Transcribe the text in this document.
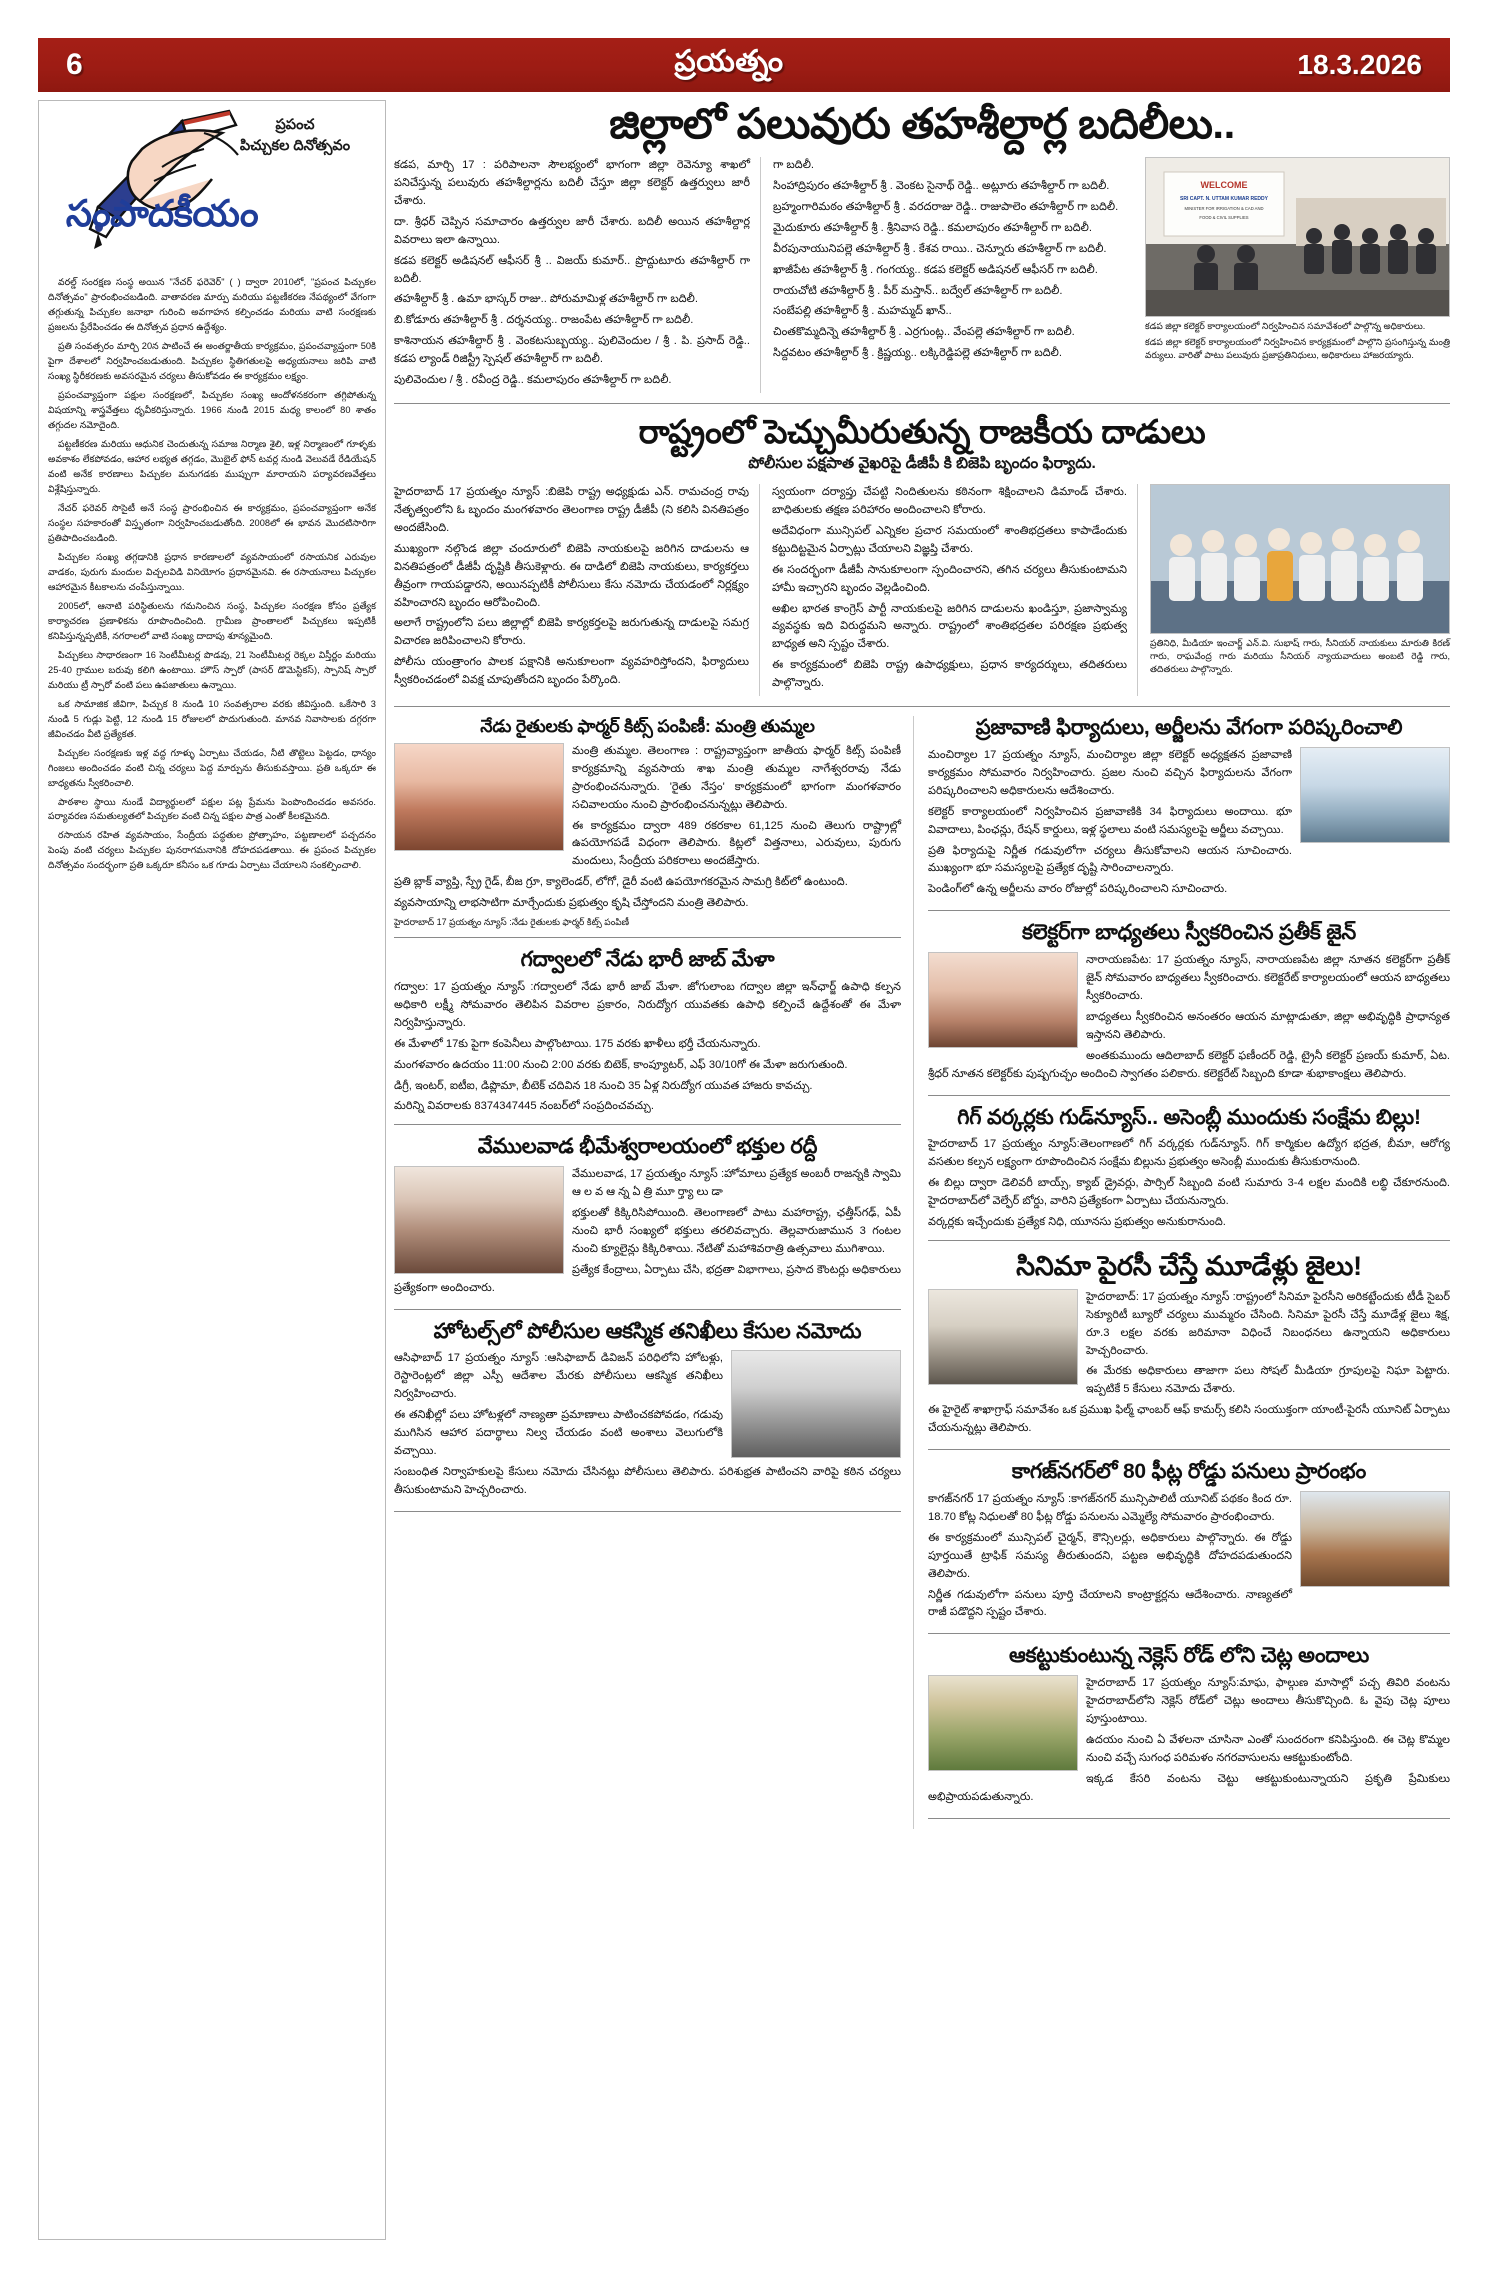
6	ప్రయత్నం	18.3.2026
ప్రపంచ
పిచ్చుకల దినోత్సవం
సంపాదకీయం

వరల్డ్ సంరక్షణ సంస్థ అయిన "నేచర్ ఫరెవెర్" ( ) ద్వారా 2010లో, "ప్రపంచ పిచ్చుకల దినోత్సవం" ప్రారంభించబడింది. వాతావరణ మార్పు మరియు పట్టణీకరణ నేపథ్యంలో వేగంగా తగ్గుతున్న పిచ్చుకల జనాభా గురించి అవగాహన కల్పించడం మరియు వాటి సంరక్షణకు ప్రజలను ప్రేరేపించడం ఈ దినోత్సవ ప్రధాన ఉద్దేశ్యం.

ప్రతి సంవత్సరం మార్చి 20న పాటించే ఈ అంతర్జాతీయ కార్యక్రమం, ప్రపంచవ్యాప్తంగా 50కి పైగా దేశాలలో నిర్వహించబడుతుంది. పిచ్చుకల స్థితిగతులపై అధ్యయనాలు జరిపి వాటి సంఖ్య స్థిరీకరణకు అవసరమైన చర్యలు తీసుకోవడం ఈ కార్యక్రమం లక్ష్యం.

ప్రపంచవ్యాప్తంగా పక్షుల సంరక్షణలో, పిచ్చుకల సంఖ్య ఆందోళనకరంగా తగ్గిపోతున్న విషయాన్ని శాస్త్రవేత్తలు ధృవీకరిస్తున్నారు. 1966 నుండి 2015 మధ్య కాలంలో 80 శాతం తగ్గుదల నమోదైంది.

పట్టణీకరణ మరియు ఆధునిక చెందుతున్న సమాజ నిర్మాణ శైలి, ఇళ్ల నిర్మాణంలో గూళ్ళకు అవకాశం లేకపోవడం, ఆహార లభ్యత తగ్గడం, మొబైల్ ఫోన్ టవర్ల నుండి వెలువడే రేడియేషన్ వంటి అనేక కారణాలు పిచ్చుకల మనుగడకు ముప్పుగా మారాయని పర్యావరణవేత్తలు విశ్లేషిస్తున్నారు.

నేచర్ ఫరెవర్ సొసైటీ అనే సంస్థ ప్రారంభించిన ఈ కార్యక్రమం, ప్రపంచవ్యాప్తంగా అనేక సంస్థల సహకారంతో విస్తృతంగా నిర్వహించబడుతోంది. 2008లో ఈ భావన మొదటిసారిగా ప్రతిపాదించబడింది.

పిచ్చుకల సంఖ్య తగ్గడానికి ప్రధాన కారణాలలో వ్యవసాయంలో రసాయనిక ఎరువుల వాడకం, పురుగు మందుల విచ్చలవిడి వినియోగం ప్రధానమైనవి. ఈ రసాయనాలు పిచ్చుకల ఆహారమైన కీటకాలను చంపేస్తున్నాయి.

2005లో, ఆనాటి పరిస్థితులను గమనించిన సంస్థ, పిచ్చుకల సంరక్షణ కోసం ప్రత్యేక కార్యాచరణ ప్రణాళికను రూపొందించింది. గ్రామీణ ప్రాంతాలలో పిచ్చుకలు ఇప్పటికీ కనిపిస్తున్నప్పటికీ, నగరాలలో వాటి సంఖ్య దాదాపు శూన్యమైంది.

పిచ్చుకలు సాధారణంగా 16 సెంటీమీటర్ల పొడవు, 21 సెంటీమీటర్ల రెక్కల విస్తీర్ణం మరియు 25-40 గ్రాముల బరువు కలిగి ఉంటాయి. హౌస్ స్పారో (పాసర్ డొమెస్టికస్), స్పానిష్ స్పారో మరియు ట్రీ స్పారో వంటి పలు ఉపజాతులు ఉన్నాయి.

ఒక సామాజిక జీవిగా, పిచ్చుక 8 నుండి 10 సంవత్సరాల వరకు జీవిస్తుంది. ఒకేసారి 3 నుండి 5 గుడ్లు పెట్టి, 12 నుండి 15 రోజులలో పొదుగుతుంది. మానవ నివాసాలకు దగ్గరగా జీవించడం వీటి ప్రత్యేకత.

పిచ్చుకల సంరక్షణకు ఇళ్ల వద్ద గూళ్ళు ఏర్పాటు చేయడం, నీటి తొట్టెలు పెట్టడం, ధాన్యం గింజలు అందించడం వంటి చిన్న చర్యలు పెద్ద మార్పును తీసుకువస్తాయి. ప్రతి ఒక్కరూ ఈ బాధ్యతను స్వీకరించాలి.

పాఠశాల స్థాయి నుండే విద్యార్థులలో పక్షుల పట్ల ప్రేమను పెంపొందించడం అవసరం. పర్యావరణ సమతుల్యతలో పిచ్చుకల వంటి చిన్న పక్షుల పాత్ర ఎంతో కీలకమైనది.

రసాయన రహిత వ్యవసాయం, సేంద్రీయ పద్ధతుల ప్రోత్సాహం, పట్టణాలలో పచ్చదనం పెంపు వంటి చర్యలు పిచ్చుకల పునరాగమనానికి దోహదపడతాయి. ఈ ప్రపంచ పిచ్చుకల దినోత్సవం సందర్భంగా ప్రతి ఒక్కరూ కనీసం ఒక గూడు ఏర్పాటు చేయాలని సంకల్పించాలి.

జిల్లాలో పలువురు తహశీల్దార్ల బదిలీలు..

కడప, మార్చి 17 : పరిపాలనా సౌలభ్యంలో భాగంగా జిల్లా రెవెన్యూ శాఖలో పనిచేస్తున్న పలువురు తహశీల్దార్లను బదిలీ చేస్తూ జిల్లా కలెక్టర్ ఉత్తర్వులు జారీ చేశారు.

దా. శ్రీధర్ చెప్పిన సమాచారం ఉత్తర్వుల జారీ చేశారు. బదిలీ అయిన తహశీల్దార్ల వివరాలు ఇలా ఉన్నాయి.

కడప కలెక్టర్ అడిషనల్ ఆఫీసర్ శ్రీ .. విజయ్ కుమార్.. ప్రొద్దుటూరు తహశీల్దార్ గా బదిలీ.

తహశీల్దార్ శ్రీ . ఉమా భాస్కర్ రాజు.. పోరుమామిళ్ల తహశీల్దార్ గా బదిలీ.

బి.కోడూరు తహశీల్దార్ శ్రీ . దర్శనయ్య.. రాజంపేట తహశీల్దార్ గా బదిలీ.

కాశినాయన తహశీల్దార్ శ్రీ . వెంకటసుబ్బయ్య.. పులివెందుల / శ్రీ . పి. ప్రసాద్ రెడ్డి.. కడప ల్యాండ్ రిజిస్ట్రీ స్పెషల్ తహశీల్దార్ గా బదిలీ.

పులివెందుల / శ్రీ . రవీంద్ర రెడ్డి.. కమలాపురం తహశీల్దార్ గా బదిలీ.

గా బదిలీ.

సింహాద్రిపురం తహశీల్దార్ శ్రీ . వెంకట సైనాథ్ రెడ్డి.. అట్లూరు తహశీల్దార్ గా బదిలీ.

బ్రహ్మంగారిమఠం తహశీల్దార్ శ్రీ . వరదరాజు రెడ్డి.. రాజుపాలెం తహశీల్దార్ గా బదిలీ.

మైదుకూరు తహశీల్దార్ శ్రీ . శ్రీనివాస రెడ్డి.. కమలాపురం తహశీల్దార్ గా బదిలీ.

వీరపునాయునిపల్లె తహశీల్దార్ శ్రీ . కేశవ రాయి.. చెన్నూరు తహశీల్దార్ గా బదిలీ.

ఖాజీపేట తహశీల్దార్ శ్రీ . గంగయ్య.. కడప కలెక్టర్ అడిషనల్ ఆఫీసర్ గా బదిలీ.

రాయచోటి తహశీల్దార్ శ్రీ . పీర్ మస్తాన్.. బద్వేల్ తహశీల్దార్ గా బదిలీ.

సంబేపల్లి తహశీల్దార్ శ్రీ . మహమ్మద్ ఖాన్..

చింతకొమ్మదిన్నె తహశీల్దార్ శ్రీ . ఎర్రగుంట్ల.. వేంపల్లె తహశీల్దార్ గా బదిలీ.

సిద్దవటం తహశీల్దార్ శ్రీ . క్రిష్ణయ్య.. లక్కిరెడ్డిపల్లె తహశీల్దార్ గా బదిలీ.

WELCOME
SRI CAPT. N. UTTAM KUMAR REDDY
MINISTER FOR IRRIGATION & CAD AND
FOOD & CIVIL SUPPLIES
కడప జిల్లా కలెక్టర్ కార్యాలయంలో నిర్వహించిన సమావేశంలో పాల్గొన్న అధికారులు.
కడప జిల్లా కలెక్టర్ కార్యాలయంలో నిర్వహించిన కార్యక్రమంలో పాల్గొని ప్రసంగిస్తున్న మంత్రి వర్యులు. వారితో పాటు పలువురు ప్రజాప్రతినిధులు, అధికారులు హాజరయ్యారు.
రాష్ట్రంలో పెచ్చుమీరుతున్న రాజకీయ దాడులు
పోలీసుల పక్షపాత వైఖరిపై డీజీపీ కి బిజెపి బృందం ఫిర్యాదు.

హైదరాబాద్ 17 ప్రయత్నం న్యూస్ :బిజెపి రాష్ట్ర అధ్యక్షుడు ఎన్. రామచంద్ర రావు నేతృత్వంలోని ఓ బృందం మంగళవారం తెలంగాణ రాష్ట్ర డీజీపీ (ని కలిసి వినతిపత్రం అందజేసింది.

ముఖ్యంగా నల్గొండ జిల్లా చందూరులో బిజెపి నాయకులపై జరిగిన దాడులను ఆ వినతిపత్రంలో డీజీపీ దృష్టికి తీసుకెళ్లారు. ఈ దాడిలో బిజెపి నాయకులు, కార్యకర్తలు తీవ్రంగా గాయపడ్డారని, అయినప్పటికీ పోలీసులు కేసు నమోదు చేయడంలో నిర్లక్ష్యం వహించారని బృందం ఆరోపించింది.

అలాగే రాష్ట్రంలోని పలు జిల్లాల్లో బిజెపి కార్యకర్తలపై జరుగుతున్న దాడులపై సమగ్ర విచారణ జరిపించాలని కోరారు.

పోలీసు యంత్రాంగం పాలక పక్షానికి అనుకూలంగా వ్యవహరిస్తోందని, ఫిర్యాదులు స్వీకరించడంలో వివక్ష చూపుతోందని బృందం పేర్కొంది.

స్వయంగా దర్యాప్తు చేపట్టి నిందితులను కఠినంగా శిక్షించాలని డిమాండ్ చేశారు. బాధితులకు తక్షణ పరిహారం అందించాలని కోరారు.

అదేవిధంగా మున్సిపల్ ఎన్నికల ప్రచార సమయంలో శాంతిభద్రతలు కాపాడేందుకు కట్టుదిట్టమైన ఏర్పాట్లు చేయాలని విజ్ఞప్తి చేశారు.

ఈ సందర్భంగా డీజీపీ సానుకూలంగా స్పందించారని, తగిన చర్యలు తీసుకుంటామని హామీ ఇచ్చారని బృందం వెల్లడించింది.

అఖిల భారత కాంగ్రెస్ పార్టీ నాయకులపై జరిగిన దాడులను ఖండిస్తూ, ప్రజాస్వామ్య వ్యవస్థకు ఇది విరుద్ధమని అన్నారు. రాష్ట్రంలో శాంతిభద్రతల పరిరక్షణ ప్రభుత్వ బాధ్యత అని స్పష్టం చేశారు.

ఈ కార్యక్రమంలో బిజెపి రాష్ట్ర ఉపాధ్యక్షులు, ప్రధాన కార్యదర్శులు, తదితరులు పాల్గొన్నారు.

ప్రతినిధి, మీడియా ఇంచార్జ్ ఎన్.వి. సుభాష్ గారు, సీనియర్ నాయకులు మారుతి కిరణ్ గారు, రాఘవేంద్ర గారు మరియు సీనియర్ న్యాయవాదులు అంబటి రెడ్డి గారు, తదితరులు పాల్గొన్నారు.
నేడు రైతులకు ఫార్మర్ కిట్స్ పంపిణీ: మంత్రి తుమ్మల

మంత్రి తుమ్మల. తెలంగాణ : రాష్ట్రవ్యాప్తంగా జాతీయ ఫార్మర్ కిట్స్ పంపిణీ కార్యక్రమాన్ని వ్యవసాయ శాఖ మంత్రి తుమ్మల నాగేశ్వరరావు నేడు ప్రారంభించనున్నారు. 'రైతు నేస్తం' కార్యక్రమంలో భాగంగా మంగళవారం సచివాలయం నుంచి ప్రారంభించనున్నట్లు తెలిపారు.

ఈ కార్యక్రమం ద్వారా 489 రకరకాల 61,125 నుంచి తెలుగు రాష్ట్రాల్లో ఉపయోగపడే విధంగా తెలిపారు. కిట్లలో విత్తనాలు, ఎరువులు, పురుగు మందులు, సేంద్రీయ పరికరాలు అందజేస్తారు.

ప్రతి బ్లాక్ వ్యాప్తి, స్ప్రే గైడ్, బీజ గ్రూ, క్యాలెండర్, లోగో, డైరీ వంటి ఉపయోగకరమైన సామగ్రి కిట్‌లో ఉంటుంది.

వ్యవసాయాన్ని లాభసాటిగా మార్చేందుకు ప్రభుత్వం కృషి చేస్తోందని మంత్రి తెలిపారు.

హైదరాబాద్ 17 ప్రయత్నం న్యూస్ :నేడు రైతులకు ఫార్మర్ కిట్స్ పంపిణీ
గద్వాలలో నేడు భారీ జాబ్ మేళా

గద్వాల: 17 ప్రయత్నం న్యూస్ :గద్వాలలో నేడు భారీ జాబ్ మేళా. జోగులాంబ గద్వాల జిల్లా ఇన్‌ఛార్జ్ ఉపాధి కల్పన అధికారి లక్ష్మీ సోమవారం తెలిపిన వివరాల ప్రకారం, నిరుద్యోగ యువతకు ఉపాధి కల్పించే ఉద్దేశంతో ఈ మేళా నిర్వహిస్తున్నారు.

ఈ మేళాలో 17కు పైగా కంపెనీలు పాల్గొంటాయి. 175 వరకు ఖాళీలు భర్తీ చేయనున్నారు.

మంగళవారం ఉదయం 11:00 నుంచి 2:00 వరకు బిటెక్, కాంప్యూటర్, ఎఫ్ 30/10గో ఈ మేళా జరుగుతుంది.

డిగ్రీ, ఇంటర్, ఐటీఐ, డిప్లొమా, బీటెక్ చదివిన 18 నుంచి 35 ఏళ్ల నిరుద్యోగ యువత హాజరు కావచ్చు.

మరిన్ని వివరాలకు 8374347445 నంబర్‌లో సంప్రదించవచ్చు.

వేములవాడ భీమేశ్వరాలయంలో భక్తుల రద్దీ

వేములవాడ, 17 ప్రయత్నం న్యూస్ :హోమాలు ప్రత్యేక అంబరీ రాజన్నకి స్వామి ఆ ల వ ఆ న్న ఏ త్రి మూ ర్త్యా లు డా

భక్తులతో కిక్కిరిసిపోయింది. తెలంగాణలో పాటు మహారాష్ట్ర, ఛత్తీస్‌గఢ్, ఏపీ నుంచి భారీ సంఖ్యలో భక్తులు తరలివచ్చారు. తెల్లవారుజామున 3 గంటల నుంచి క్యూలైన్లు కిక్కిరిశాయి. నేటితో మహాశివరాత్రి ఉత్సవాలు ముగిశాయి.

ప్రత్యేక కేంద్రాలు, ఏర్పాటు చేసి, భద్రతా విభాగాలు, ప్రసాద కౌంటర్లు అధికారులు ప్రత్యేకంగా అందించారు.

హోటల్స్‌లో పోలీసుల ఆకస్మిక తనిఖీలు కేసుల నమోదు

ఆసిఫాబాద్ 17 ప్రయత్నం న్యూస్ :ఆసిఫాబాద్ డివిజన్ పరిధిలోని హోటళ్లు, రెస్టారెంట్లలో జిల్లా ఎస్పీ ఆదేశాల మేరకు పోలీసులు ఆకస్మిక తనిఖీలు నిర్వహించారు.

ఈ తనిఖీల్లో పలు హోటళ్లలో నాణ్యతా ప్రమాణాలు పాటించకపోవడం, గడువు ముగిసిన ఆహార పదార్థాలు నిల్వ చేయడం వంటి అంశాలు వెలుగులోకి వచ్చాయి.

సంబంధిత నిర్వాహకులపై కేసులు నమోదు చేసినట్లు పోలీసులు తెలిపారు. పరిశుభ్రత పాటించని వారిపై కఠిన చర్యలు తీసుకుంటామని హెచ్చరించారు.

ప్రజావాణి ఫిర్యాదులు, అర్జీలను వేగంగా పరిష్కరించాలి

మంచిర్యాల 17 ప్రయత్నం న్యూస్, మంచిర్యాల జిల్లా కలెక్టర్ అధ్యక్షతన ప్రజావాణి కార్యక్రమం సోమవారం నిర్వహించారు. ప్రజల నుంచి వచ్చిన ఫిర్యాదులను వేగంగా పరిష్కరించాలని అధికారులను ఆదేశించారు.

కలెక్టర్ కార్యాలయంలో నిర్వహించిన ప్రజావాణికి 34 ఫిర్యాదులు అందాయి. భూ వివాదాలు, పింఛన్లు, రేషన్ కార్డులు, ఇళ్ల స్థలాలు వంటి సమస్యలపై అర్జీలు వచ్చాయి.

ప్రతి ఫిర్యాదుపై నిర్ణీత గడువులోగా చర్యలు తీసుకోవాలని ఆయన సూచించారు. ముఖ్యంగా భూ సమస్యలపై ప్రత్యేక దృష్టి సారించాలన్నారు.

పెండింగ్‌లో ఉన్న అర్జీలను వారం రోజుల్లో పరిష్కరించాలని సూచించారు.

కలెక్టర్‌గా బాధ్యతలు స్వీకరించిన ప్రతీక్ జైన్

నారాయణపేట: 17 ప్రయత్నం న్యూస్, నారాయణపేట జిల్లా నూతన కలెక్టర్‌గా ప్రతీక్ జైన్ సోమవారం బాధ్యతలు స్వీకరించారు. కలెక్టరేట్ కార్యాలయంలో ఆయన బాధ్యతలు స్వీకరించారు.

బాధ్యతలు స్వీకరించిన అనంతరం ఆయన మాట్లాడుతూ, జిల్లా అభివృద్ధికి ప్రాధాన్యత ఇస్తానని తెలిపారు.

అంతకుముందు ఆదిలాబాద్ కలెక్టర్ ఫణీందర్ రెడ్డి, ట్రైనీ కలెక్టర్ ప్రణయ్ కుమార్, ఏట. శ్రీధర్ నూతన కలెక్టర్‌కు పుష్పగుచ్ఛం అందించి స్వాగతం పలికారు. కలెక్టరేట్ సిబ్బంది కూడా శుభాకాంక్షలు తెలిపారు.

గిగ్ వర్కర్లకు గుడ్‌న్యూస్.. అసెంబ్లీ ముందుకు సంక్షేమ బిల్లు!

హైదరాబాద్ 17 ప్రయత్నం న్యూస్:తెలంగాణలో గిగ్ వర్కర్లకు గుడ్‌న్యూస్. గిగ్ కార్మికుల ఉద్యోగ భద్రత, బీమా, ఆరోగ్య వసతుల కల్పన లక్ష్యంగా రూపొందించిన సంక్షేమ బిల్లును ప్రభుత్వం అసెంబ్లీ ముందుకు తీసుకురానుంది.

ఈ బిల్లు ద్వారా డెలివరీ బాయ్స్, క్యాబ్ డ్రైవర్లు, పార్సిల్ సిబ్బంది వంటి సుమారు 3-4 లక్షల మందికి లబ్ధి చేకూరనుంది. హైదరాబాద్‌లో వెల్ఫేర్ బోర్డు, వారిని ప్రత్యేకంగా ఏర్పాటు చేయనున్నారు.

వర్కర్లకు ఇచ్చేందుకు ప్రత్యేక నిధి, యూనసు ప్రభుత్వం అనుకురానుంది.

సినిమా పైరసీ చేస్తే మూడేళ్లు జైలు!

హైదరాబాద్: 17 ప్రయత్నం న్యూస్ :రాష్ట్రంలో సినిమా పైరసీని అరికట్టేందుకు టీడీ సైబర్ సెక్యూరిటీ బ్యూరో చర్యలు ముమ్మరం చేసింది. సినిమా పైరసీ చేస్తే మూడేళ్ల జైలు శిక్ష, రూ.3 లక్షల వరకు జరిమానా విధించే నిబంధనలు ఉన్నాయని అధికారులు హెచ్చరించారు.

ఈ మేరకు అధికారులు తాజాగా పలు సోషల్ మీడియా గ్రూపులపై నిఘా పెట్టారు. ఇప్పటికే 5 కేసులు నమోదు చేశారు.

ఈ హైరైట్ శాఖాగ్రాఫ్ సమావేశం ఒక ప్రముఖ ఫిల్మ్ ఛాంబర్ ఆఫ్ కామర్స్ కలిసి సంయుక్తంగా యాంటీ-పైరసీ యూనిట్ ఏర్పాటు చేయనున్నట్లు తెలిపారు.

కాగజ్‌నగర్‌లో 80 ఫీట్ల రోడ్డు పనులు ప్రారంభం

కాగజ్‌నగర్ 17 ప్రయత్నం న్యూస్ :కాగజ్‌నగర్ మున్సిపాలిటీ యూనిట్ పథకం కింద రూ. 18.70 కోట్ల నిధులతో 80 ఫీట్ల రోడ్డు పనులను ఎమ్మెల్యే సోమవారం ప్రారంభించారు.

ఈ కార్యక్రమంలో మున్సిపల్ చైర్మన్, కౌన్సిలర్లు, అధికారులు పాల్గొన్నారు. ఈ రోడ్డు పూర్తయితే ట్రాఫిక్ సమస్య తీరుతుందని, పట్టణ అభివృద్ధికి దోహదపడుతుందని తెలిపారు.

నిర్ణీత గడువులోగా పనులు పూర్తి చేయాలని కాంట్రాక్టర్లను ఆదేశించారు. నాణ్యతలో రాజీ పడొద్దని స్పష్టం చేశారు.

ఆకట్టుకుంటున్న నెక్లెస్ రోడ్ లోని చెట్ల అందాలు

హైదరాబాద్ 17 ప్రయత్నం న్యూస్:మాఘ, ఫాల్గుణ మాసాల్లో పచ్చ తివిరి వంటను హైదరాబాద్‌లోని నెక్లెస్ రోడ్‌లో చెట్లు అందాలు తీసుకొచ్చింది. ఓ వైపు చెట్ల పూలు పూస్తుంటాయి.

ఉదయం నుంచి ఏ వేళలనా చూసినా ఎంతో సుందరంగా కనిపిస్తుంది. ఈ చెట్ల కొమ్మల నుంచి వచ్చే సుగంధ పరిమళం నగరవాసులను ఆకట్టుకుంటోంది.

ఇక్కడ కేసరి వంటను చెట్టు ఆకట్టుకుంటున్నాయని ప్రకృతి ప్రేమికులు అభిప్రాయపడుతున్నారు.
